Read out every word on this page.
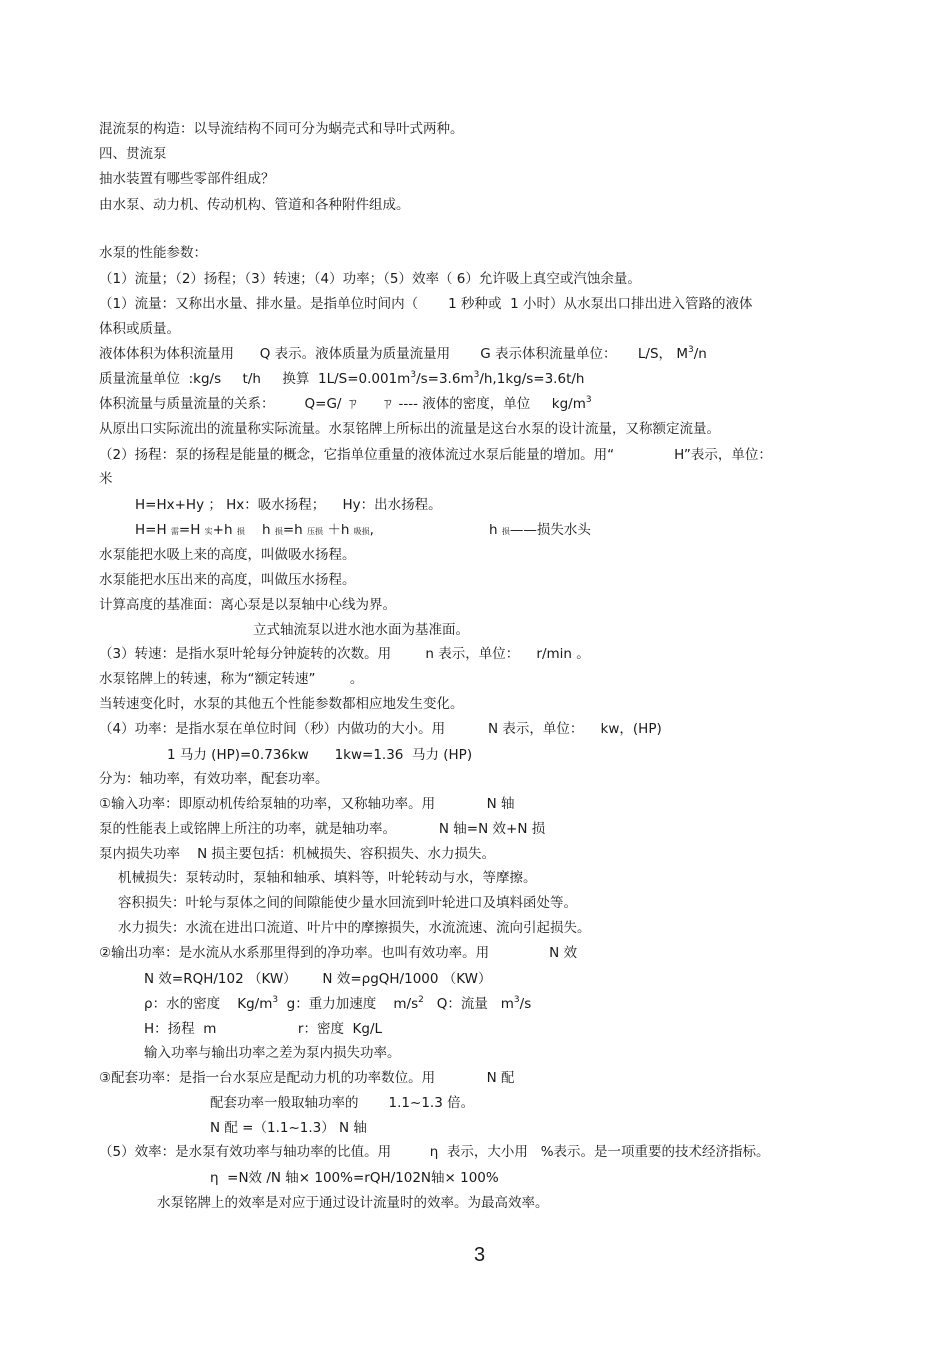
混流泵的构造：以导流结构不同可分为蜗壳式和导叶式两种。
四、贯流泵
抽水装置有哪些零部件组成？
由水泵、动力机、传动机构、管道和各种附件组成。
水泵的性能参数：
（1）流量；（2）扬程；（3）转速；（4）功率；（5）效率（ 6）允许吸上真空或汽蚀余量。
（1）流量：又称出水量、排水量。是指单位时间内（       1 秒种或  1 小时）从水泵出口排出进入管路的液体
体积或质量。
液体体积为体积流量用      Q 表示。液体质量为质量流量用       G 表示体积流量单位：     L/S， $M^3/n$
质量流量单位  :kg/s     t/h     换算  $1L/S=0.001m^3/s=3.6m^3/h,1kg/s=3.6t/h$
体积流量与质量流量的关系：       Q=G/ ㄗ     ㄗ ---- 液体的密度，单位     $kg/m^3$
从原出口实际流出的流量称实际流量。水泵铭牌上所标出的流量是这台水泵的设计流量，又称额定流量。
（2）扬程：泵的扬程是能量的概念，它指单位重量的液体流过水泵后能量的增加。用“              H”表示，单位：
米
H=Hx+Hy ； Hx：吸水扬程；    Hy：出水扬程。
H=H 需=H 实+h 损    h 损=h 压损 ＋h 吸损,	h 损——损失水头
水泵能把水吸上来的高度，叫做吸水扬程。
水泵能把水压出来的高度，叫做压水扬程。
计算高度的基准面：离心泵是以泵轴中心线为界。
立式轴流泵以进水池水面为基准面。
（3）转速：是指水泵叶轮每分钟旋转的次数。用        n 表示，单位：    r/min 。
水泵铭牌上的转速，称为“额定转速”        。
当转速变化时，水泵的其他五个性能参数都相应地发生变化。
（4）功率：是指水泵在单位时间（秒）内做功的大小。用          N 表示，单位：    kw，(HP)
1 马力 (HP)=0.736kw      1kw=1.36  马力 (HP)
分为：轴功率，有效功率，配套功率。
①输入功率：即原动机传给泵轴的功率，又称轴功率。用            N 轴
泵的性能表上或铭牌上所注的功率，就是轴功率。          N 轴=N 效+N 损
泵内损失功率    N 损主要包括：机械损失、容积损失、水力损失。
机械损失：泵转动时，泵轴和轴承、填料等，叶轮转动与水，等摩擦。
容积损失：叶轮与泵体之间的间隙能使少量水回流到叶轮进口及填料函处等。
水力损失：水流在进出口流道、叶片中的摩擦损失，水流流速、流向引起损失。
②输出功率：是水流从水系那里得到的净功率。也叫有效功率。用              N 效
N 效=RQH/102 （KW）      N 效=ρgQH/1000 （KW）
ρ：水的密度    $Kg/m^3$  g：重力加速度    $m/s^2$   Q：流量   $m^3/s$
H：扬程  m                   r：密度  Kg/L
输入功率与输出功率之差为泵内损失功率。
③配套功率：是指一台水泵应是配动力机的功率数位。用            N 配
配套功率一般取轴功率的       1.1~1.3 倍。
N 配 =（1.1~1.3） N 轴
（5）效率：是水泵有效功率与轴功率的比值。用         η  表示，大小用   %表示。是一项重要的技术经济指标。
η  =N效 /N 轴× 100%=rQH/102N轴× 100%
水泵铭牌上的效率是对应于通过设计流量时的效率。为最高效率。
3
